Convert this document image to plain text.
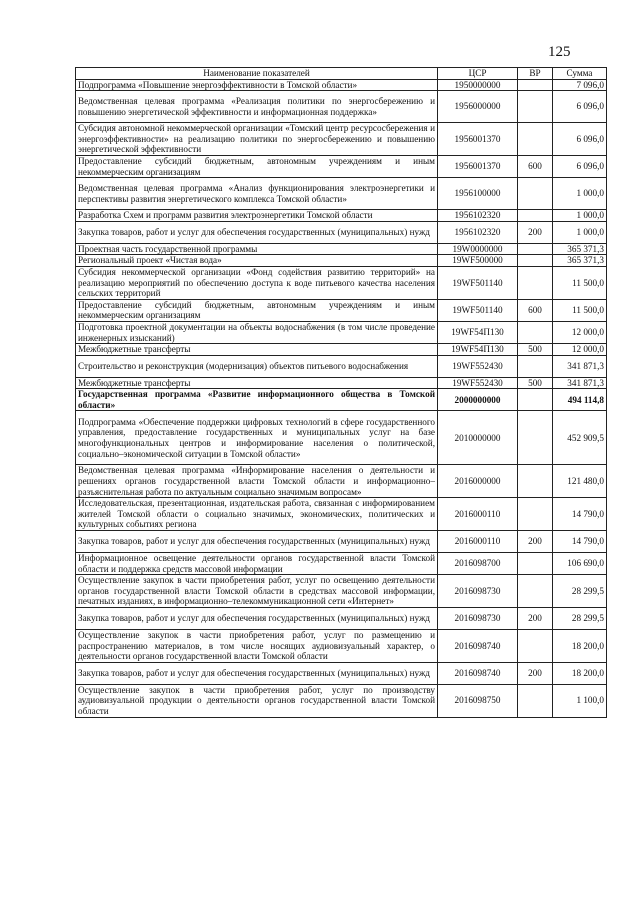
125
Наименование показателей	ЦСР	ВР	Сумма
Подпрограмма «Повышение энергоэффективности в Томской области»	1950000000		7 096,0
Ведомственная целевая программа «Реализация политики по энергосбережению и повышению энергетической эффективности и информационная поддержка»	1956000000		6 096,0
Субсидия автономной некоммерческой организации «Томский центр ресурсосбережения и энергоэффективности» на реализацию политики по энергосбережению и повышению энергетической эффективности	1956001370		6 096,0
Предоставление субсидий бюджетным, автономным учреждениям и иным некоммерческим организациям	1956001370	600	6 096,0
Ведомственная целевая программа «Анализ функционирования электроэнергетики и перспективы развития энергетического комплекса Томской области»	1956100000		1 000,0
Разработка Схем и программ развития электроэнергетики Томской области	1956102320		1 000,0
Закупка товаров, работ и услуг для обеспечения государственных (муниципальных) нужд	1956102320	200	1 000,0
Проектная часть государственной программы	19W0000000		365 371,3
Региональный проект «Чистая вода»	19WF500000		365 371,3
Субсидия некоммерческой организации «Фонд содействия развитию территорий» на реализацию мероприятий по обеспечению доступа к воде питьевого качества населения сельских территорий	19WF501140		11 500,0
Предоставление субсидий бюджетным, автономным учреждениям и иным некоммерческим организациям	19WF501140	600	11 500,0
Подготовка проектной документации на объекты водоснабжения (в том числе проведение инженерных изысканий)	19WF54П130		12 000,0
Межбюджетные трансферты	19WF54П130	500	12 000,0
Строительство и реконструкция (модернизация) объектов питьевого водоснабжения	19WF552430		341 871,3
Межбюджетные трансферты	19WF552430	500	341 871,3
Государственная программа «Развитие информационного общества в Томской области»	2000000000		494 114,8
Подпрограмма «Обеспечение поддержки цифровых технологий в сфере государственного управления, предоставление государственных и муниципальных услуг на базе многофункциональных центров и информирование населения о политической, социально–экономической ситуации в Томской области»	2010000000		452 909,5
Ведомственная целевая программа «Информирование населения о деятельности и решениях органов государственной власти Томской области и информационно–разъяснительная работа по актуальным социально значимым вопросам»	2016000000		121 480,0
Исследовательская, презентационная, издательская работа, связанная с информированием жителей Томской области о социально значимых, экономических, политических и культурных событиях региона	2016000110		14 790,0
Закупка товаров, работ и услуг для обеспечения государственных (муниципальных) нужд	2016000110	200	14 790,0
Информационное освещение деятельности органов государственной власти Томской области и поддержка средств массовой информации	2016098700		106 690,0
Осуществление закупок в части приобретения работ, услуг по освещению деятельности органов государственной власти Томской области в средствах массовой информации, печатных изданиях, в информационно–телекоммуникационной сети «Интернет»	2016098730		28 299,5
Закупка товаров, работ и услуг для обеспечения государственных (муниципальных) нужд	2016098730	200	28 299,5
Осуществление закупок в части приобретения работ, услуг по размещению и распространению материалов, в том числе носящих аудиовизуальный характер, о деятельности органов государственной власти Томской области	2016098740		18 200,0
Закупка товаров, работ и услуг для обеспечения государственных (муниципальных) нужд	2016098740	200	18 200,0
Осуществление закупок в части приобретения работ, услуг по производству аудиовизуальной продукции о деятельности органов государственной власти Томской области	2016098750		1 100,0
